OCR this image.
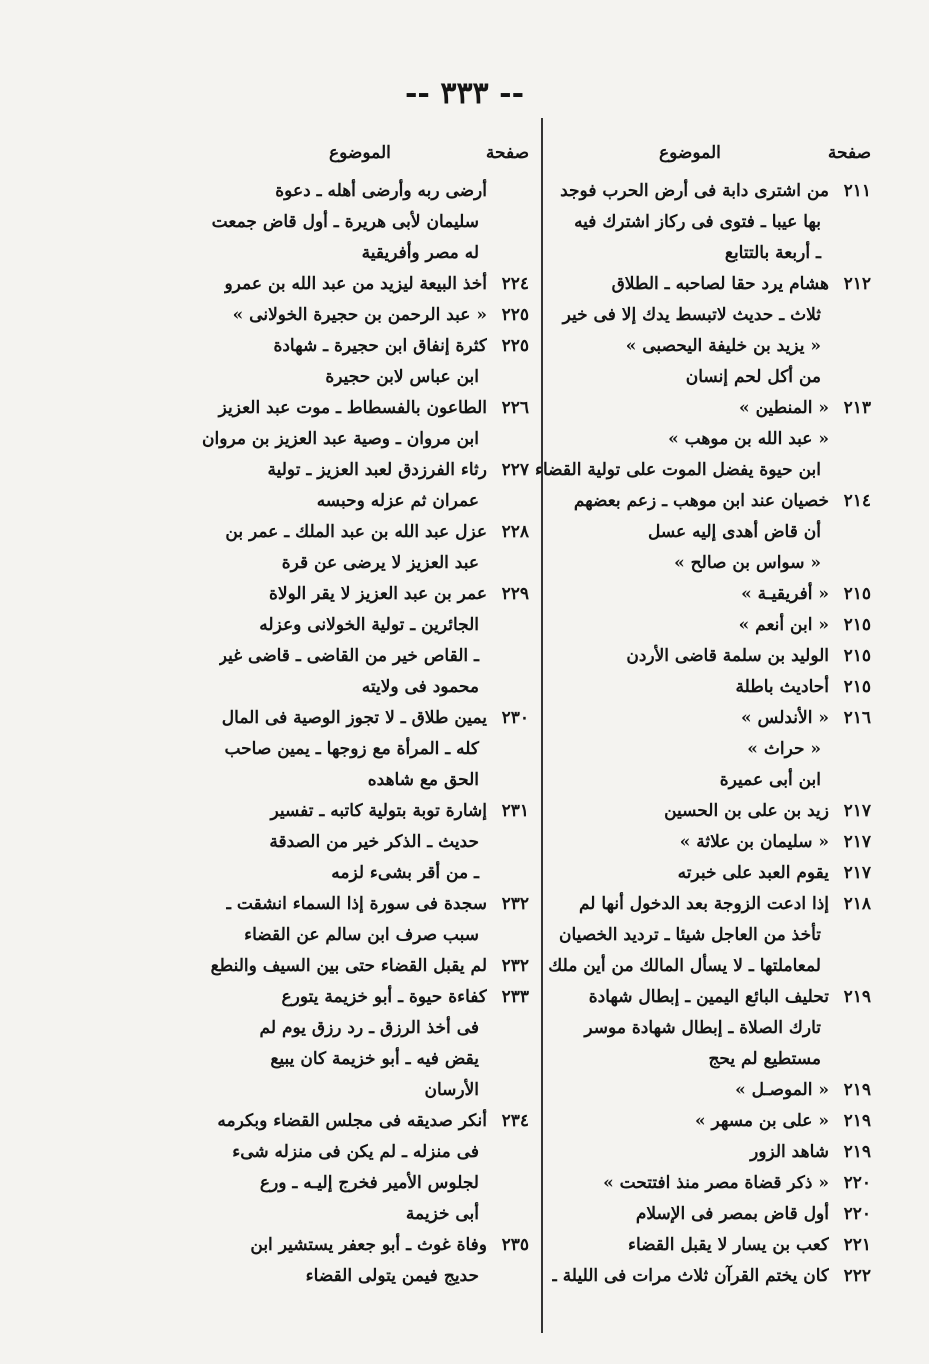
-- ٣٣٣ --
صفحة
الموضوع
٢١١
من اشترى دابة فى أرض الحرب فوجد
بها عيبا ـ فتوى فى ركاز اشترك فيه
ـ أربعة بالتتابع
٢١٢
هشام يرد حقا لصاحبه ـ الطلاق
ثلاث ـ حديث لاتبسط يدك إلا فى خير
« يزيد بن خليفة اليحصبى »
من أكل لحم إنسان
٢١٣
« المنطين »
« عبد الله بن موهب »
ابن حيوة يفضل الموت على تولية القضاء
٢١٤
خصيان عند ابن موهب ـ زعم بعضهم
أن قاض أهدى إليه عسل
« سواس بن صالح »
٢١٥
« أفريقيـة »
٢١٥
« ابن أنعم »
٢١٥
الوليد بن سلمة قاضى الأردن
٢١٥
أحاديث باطلة
٢١٦
« الأندلس »
« حراث »
ابن أبى عميرة
٢١٧
زيد بن على بن الحسين
٢١٧
« سليمان بن علاثة »
٢١٧
يقوم العبد على خبرته
٢١٨
إذا ادعت الزوجة بعد الدخول أنها لم
تأخذ من العاجل شيئا ـ ترديد الخصيان
لمعاملتها ـ لا يسأل المالك من أين ملك
٢١٩
تحليف البائع اليمين ـ إبطال شهادة
تارك الصلاة ـ إبطال شهادة موسر
مستطيع لم يحج
٢١٩
« الموصـل »
٢١٩
« على بن مسهر »
٢١٩
شاهد الزور
٢٢٠
« ذكر قضاة مصر منذ افتتحت »
٢٢٠
أول قاض بمصر فى الإسلام
٢٢١
كعب بن يسار لا يقبل القضاء
٢٢٢
كان يختم القرآن ثلاث مرات فى الليلة ـ
صفحة
الموضوع
أرضى ربه وأرضى أهله ـ دعوة
سليمان لأبى هريرة ـ أول قاض جمعت
له مصر وأفريقية
٢٢٤
أخذ البيعة ليزيد من عبد الله بن عمرو
٢٢٥
« عبد الرحمن بن حجيرة الخولانى »
٢٢٥
كثرة إنفاق ابن حجيرة ـ شهادة
ابن عباس لابن حجيرة
٢٢٦
الطاعون بالفسطاط ـ موت عبد العزيز
ابن مروان ـ وصية عبد العزيز بن مروان
٢٢٧
رثاء الفرزدق لعبد العزيز ـ تولية
عمران ثم عزله وحبسه
٢٢٨
عزل عبد الله بن عبد الملك ـ عمر بن
عبد العزيز لا يرضى عن قرة
٢٢٩
عمر بن عبد العزيز لا يقر الولاة
الجائرين ـ تولية الخولانى وعزله
ـ القاص خير من القاضى ـ قاضى غير
محمود فى ولايته
٢٣٠
يمين طلاق ـ لا تجوز الوصية فى المال
كله ـ المرأة مع زوجها ـ يمين صاحب
الحق مع شاهده
٢٣١
إشارة توبة بتولية كاتبه ـ تفسير
حديث ـ الذكر خير من الصدقة
ـ من أقر بشىء لزمه
٢٣٢
سجدة فى سورة إذا السماء انشقت ـ
سبب صرف ابن سالم عن القضاء
٢٣٢
لم يقبل القضاء حتى بين السيف والنطع
٢٣٣
كفاءة حيوة ـ أبو خزيمة يتورع
فى أخذ الرزق ـ رد رزق يوم لم
يقض فيه ـ أبو خزيمة كان يبيع
الأرسان
٢٣٤
أنكر صديقه فى مجلس القضاء وبكرمه
فى منزله ـ لم يكن فى منزله شىء
لجلوس الأمير فخرج إليـه ـ ورع
أبى خزيمة
٢٣٥
وفاة غوث ـ أبو جعفر يستشير ابن
حديج فيمن يتولى القضاء
